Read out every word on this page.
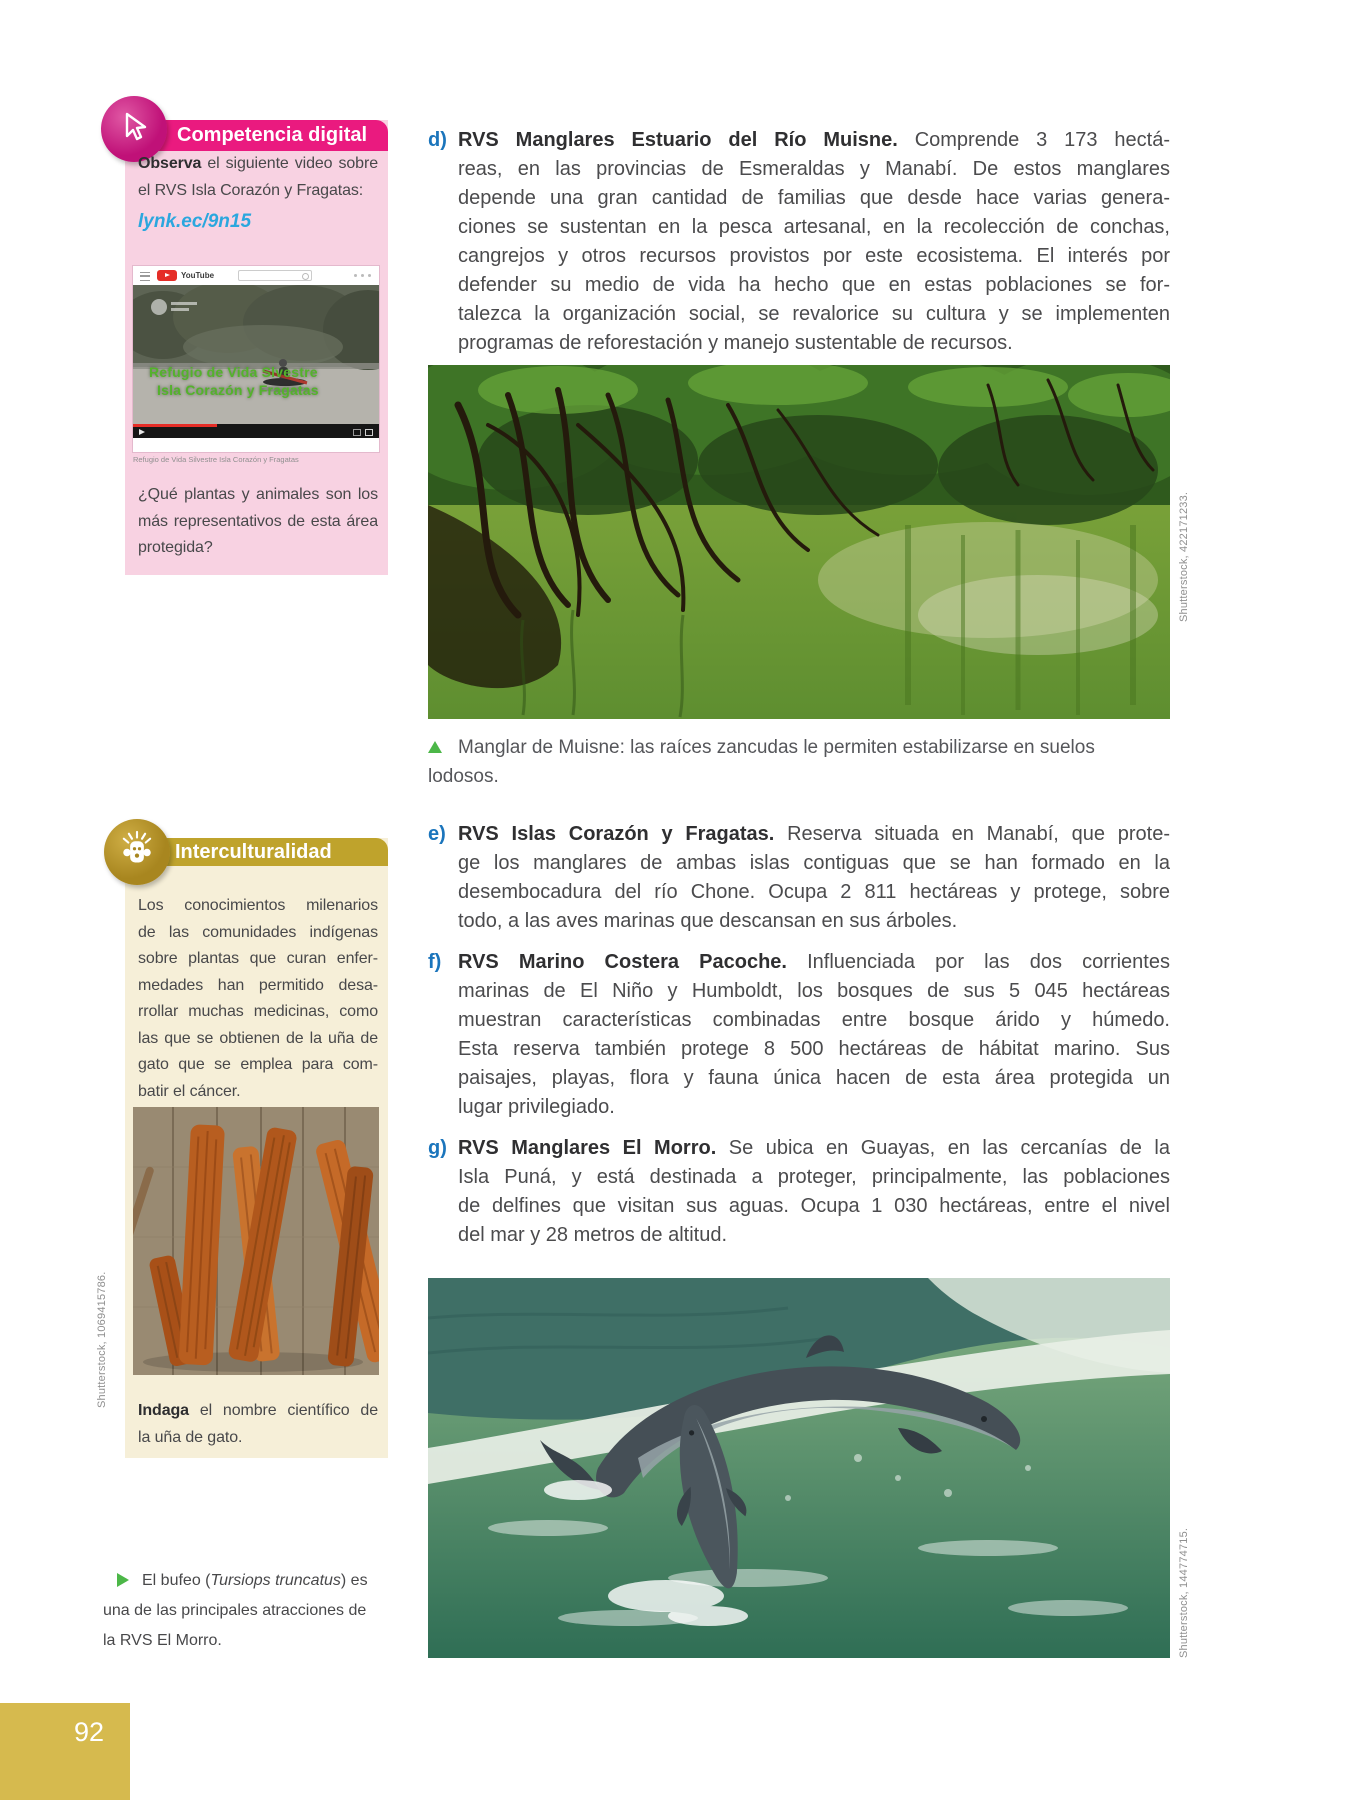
Competencia digital
Observa el siguiente video sobre
el RVS Isla Corazón y Fragatas:
lynk.ec/9n15
YouTube
Refugio de Vida Slvestre
Isla Corazón y Fragatas
Refugio de Vida Silvestre Isla Corazón y Fragatas
¿Qué plantas y animales son los
más representativos de esta área
protegida?
Interculturalidad
Los conocimientos milenarios
de las comunidades indígenas
sobre plantas que curan enfer-
medades han permitido desa-
rrollar muchas medicinas, como
las que se obtienen de la uña de
gato que se emplea para com-
batir el cáncer.
Indaga el nombre científico de
la uña de gato.
Shutterstock, 1069415786.
El bufeo (Tursiops truncatus) es
una de las principales atracciones de
la RVS El Morro.
d) RVS Manglares Estuario del Río Muisne. Comprende 3 173 hectá-
reas, en las provincias de Esmeraldas y Manabí. De estos manglares
depende una gran cantidad de familias que desde hace varias genera-
ciones se sustentan en la pesca artesanal, en la recolección de conchas,
cangrejos y otros recursos provistos por este ecosistema. El interés por
defender su medio de vida ha hecho que en estas poblaciones se for-
talezca la organización social, se revalorice su cultura y se implementen
programas de reforestación y manejo sustentable de recursos.
Shutterstock, 422171233.
Manglar de Muisne: las raíces zancudas le permiten estabilizarse en suelos
lodosos.
e) RVS Islas Corazón y Fragatas. Reserva situada en Manabí, que prote-
ge los manglares de ambas islas contiguas que se han formado en la
desembocadura del río Chone. Ocupa 2 811 hectáreas y protege, sobre
todo, a las aves marinas que descansan en sus árboles.
f) RVS Marino Costera Pacoche. Influenciada por las dos corrientes
marinas de El Niño y Humboldt, los bosques de sus 5 045 hectáreas
muestran características combinadas entre bosque árido y húmedo.
Esta reserva también protege 8 500 hectáreas de hábitat marino. Sus
paisajes, playas, flora y fauna única hacen de esta área protegida un
lugar privilegiado.
g) RVS Manglares El Morro. Se ubica en Guayas, en las cercanías de la
Isla Puná, y está destinada a proteger, principalmente, las poblaciones
de delfines que visitan sus aguas. Ocupa 1 030 hectáreas, entre el nivel
del mar y 28 metros de altitud.
Shutterstock, 144774715.
92
